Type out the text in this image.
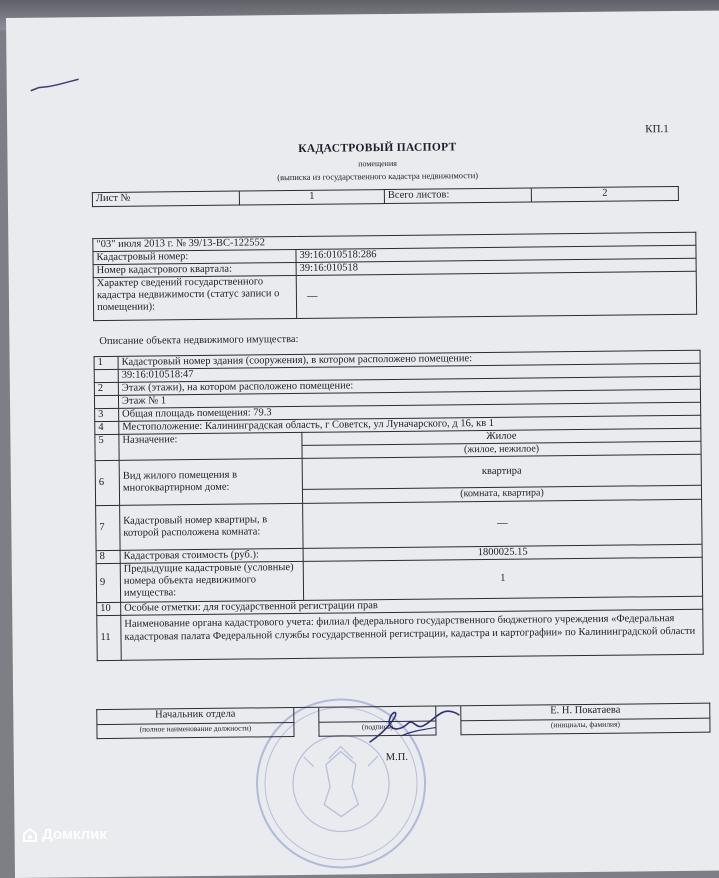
КП.1
КАДАСТРОВЫЙ ПАСПОРТ
помещения
(выписка из государственного кадастра недвижимости)
Лист №	1	Всего листов:	2
"03" июля 2013 г. № 39/13-ВС-122552	
Кадастровый номер:	39:16:010518:286
Номер кадастрового квартала:	39:16:010518
Характер сведений государственного кадастра недвижимости (статус записи о помещении):	—
Описание объекта недвижимого имущества:
1	Кадастровый номер здания (сооружения), в котором расположено помещение:	
	39:16:010518:47	
2	Этаж (этажи), на котором расположено помещение:	
	Этаж № 1	
3	Общая площадь помещения: 79.3	
4	Местоположение: Калининградская область, г Советск, ул Луначарского, д 16, кв 1	
5	Назначение:	Жилое
		(жилое, нежилое)
6	Вид жилого помещения в многоквартирном доме:	квартира
		(комната, квартира)
7	Кадастровый номер квартиры, в которой расположена комната:	—
8	Кадастровая стоимость (руб.):	1800025.15
9	Предыдущие кадастровые (условные) номера объекта недвижимого имущества:	1
10	Особые отметки: для государственной регистрации прав	
11	Наименование органа кадастрового учета: филиал федерального государственного бюджетного учреждения «Федеральная кадастровая палата Федеральной службы государственной регистрации, кадастра и картографии» по Калининградской области	
Начальник отдела				Е. Н. Покатаева
(полное наименование должности)		(подпись)		(инициалы, фамилия)
М.П.
Домклик
